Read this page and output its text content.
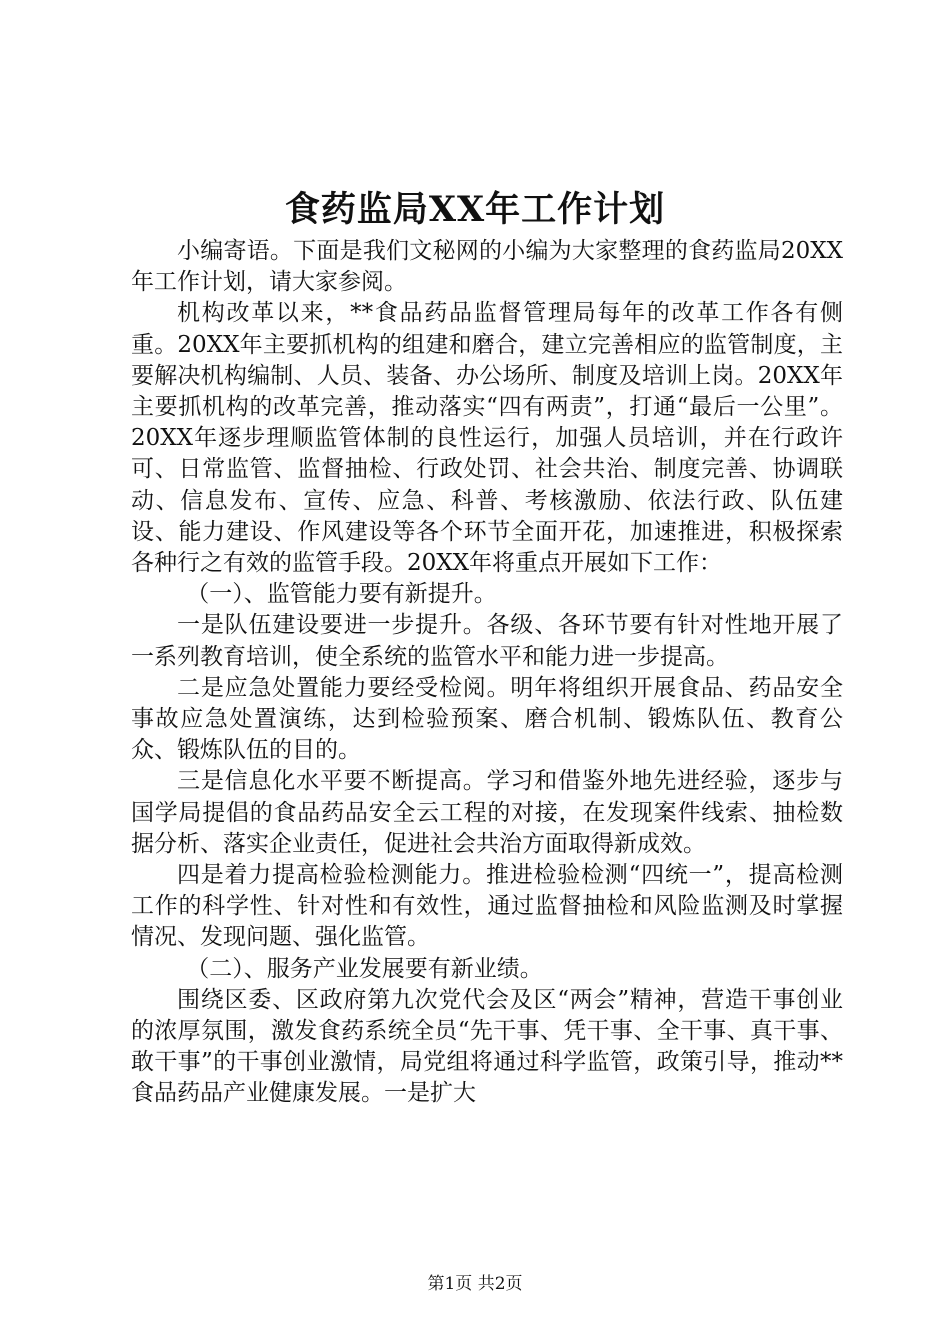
食药监局XX年工作计划

小编寄语。下面是我们文秘网的小编为大家整理的食药监局20XX年工作计划，请大家参阅。

机构改革以来，**食品药品监督管理局每年的改革工作各有侧重。20XX年主要抓机构的组建和磨合，建立完善相应的监管制度，主要解决机构编制、人员、装备、办公场所、制度及培训上岗。20XX年主要抓机构的改革完善，推动落实“四有两责”，打通“最后一公里”。20XX年逐步理顺监管体制的良性运行，加强人员培训，并在行政许可、日常监管、监督抽检、行政处罚、社会共治、制度完善、协调联动、信息发布、宣传、应急、科普、考核激励、依法行政、队伍建设、能力建设、作风建设等各个环节全面开花，加速推进，积极探索各种行之有效的监管手段。20XX年将重点开展如下工作：

（一）、监管能力要有新提升。

一是队伍建设要进一步提升。各级、各环节要有针对性地开展了一系列教育培训，使全系统的监管水平和能力进一步提高。

二是应急处置能力要经受检阅。明年将组织开展食品、药品安全事故应急处置演练，达到检验预案、磨合机制、锻炼队伍、教育公众、锻炼队伍的目的。

三是信息化水平要不断提高。学习和借鉴外地先进经验，逐步与国学局提倡的食品药品安全云工程的对接，在发现案件线索、抽检数据分析、落实企业责任，促进社会共治方面取得新成效。

四是着力提高检验检测能力。推进检验检测“四统一”，提高检测工作的科学性、针对性和有效性，通过监督抽检和风险监测及时掌握情况、发现问题、强化监管。

（二）、服务产业发展要有新业绩。

围绕区委、区政府第九次党代会及区“两会”精神，营造干事创业的浓厚氛围，激发食药系统全员“先干事、凭干事、全干事、真干事、敢干事”的干事创业激情，局党组将通过科学监管，政策引导，推动**食品药品产业健康发展。一是扩大

第1页 共2页
